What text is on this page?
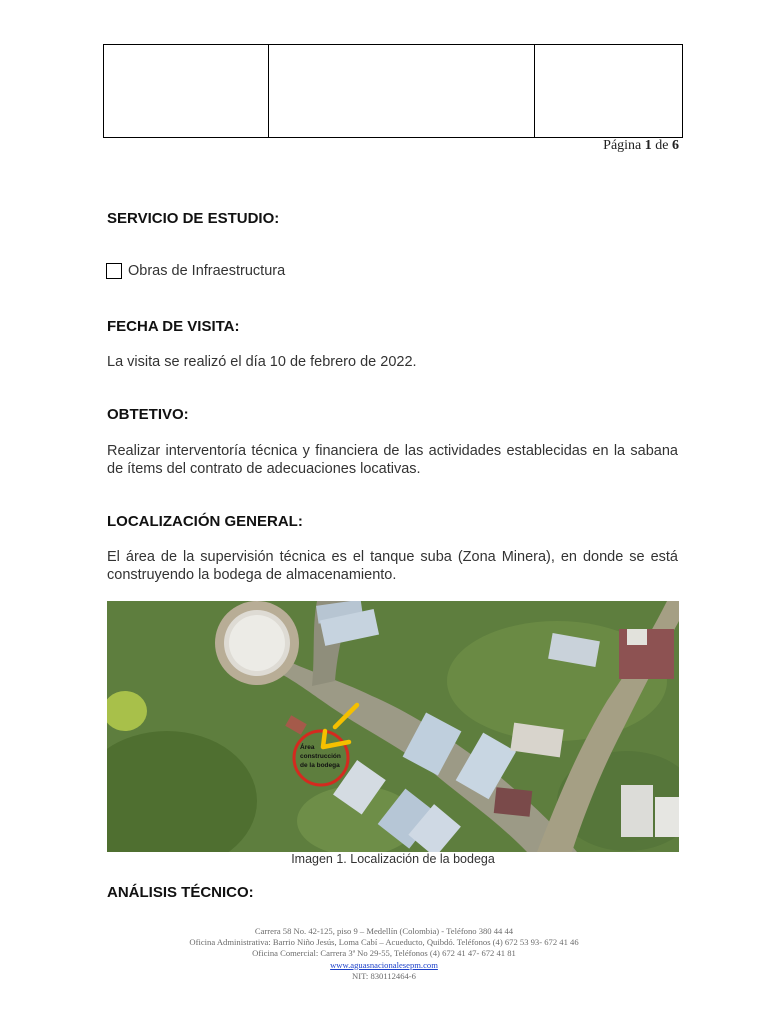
Página 1 de 6
SERVICIO DE ESTUDIO:
Obras de Infraestructura
FECHA DE VISITA:
La visita se realizó el día 10 de febrero de 2022.
OBTETIVO:
Realizar interventoría técnica y financiera de las actividades establecidas en la sabana de ítems del contrato de adecuaciones locativas.
LOCALIZACIÓN GENERAL:
El área de la supervisión técnica es el tanque suba (Zona Minera), en donde se está construyendo la bodega de almacenamiento.
Área
construcción
de la bodega
Imagen 1. Localización de la bodega
ANÁLISIS TÉCNICO:
Carrera 58 No. 42-125, piso 9 – Medellín (Colombia) - Teléfono 380 44 44
Oficina Administrativa: Barrio Niño Jesús, Loma Cabí – Acueducto, Quibdó. Teléfonos (4) 672 53 93- 672 41 46
Oficina Comercial: Carrera 3ª No 29-55, Teléfonos (4) 672 41 47- 672 41 81
www.aguasnacionalesepm.com
NIT: 830112464-6
